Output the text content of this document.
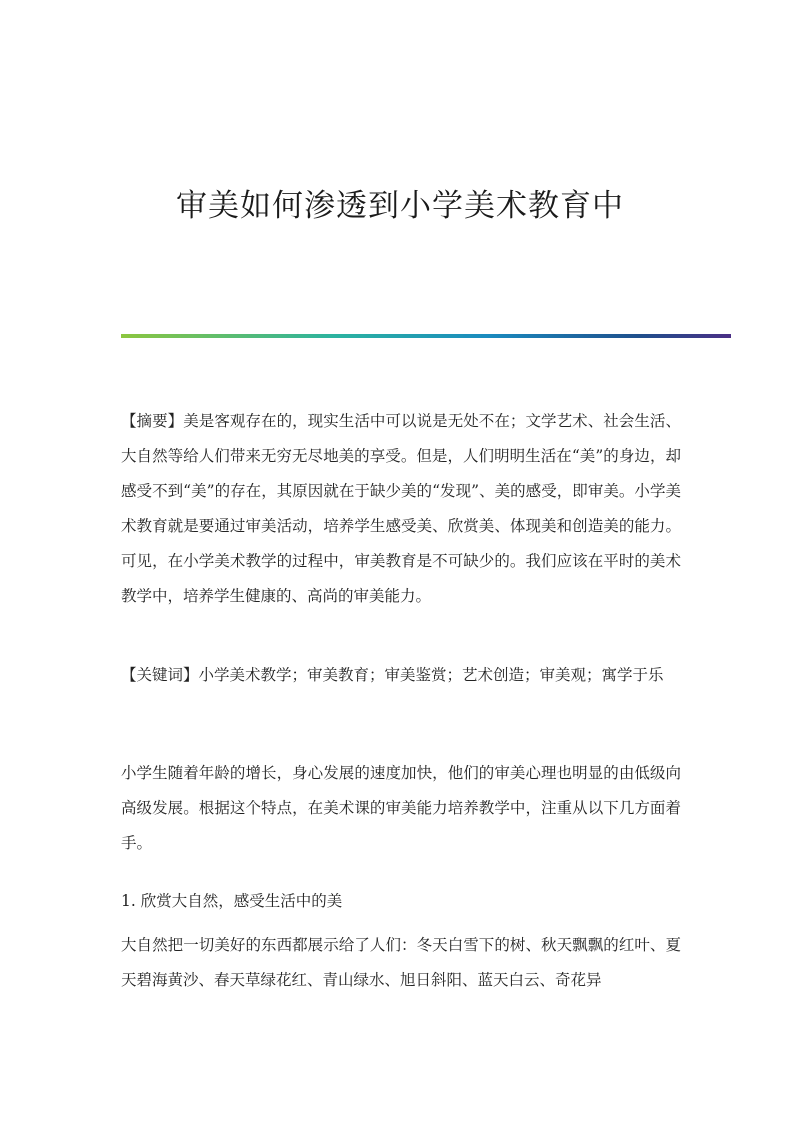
审美如何渗透到小学美术教育中

【摘要】美是客观存在的，现实生活中可以说是无处不在；文学艺术、社会生活、大自然等给人们带来无穷无尽地美的享受。但是，人们明明生活在“美”的身边，却感受不到“美”的存在，其原因就在于缺少美的“发现”、美的感受，即审美。小学美术教育就是要通过审美活动，培养学生感受美、欣赏美、体现美和创造美的能力。可见，在小学美术教学的过程中，审美教育是不可缺少的。我们应该在平时的美术教学中，培养学生健康的、高尚的审美能力。

【关键词】小学美术教学；审美教育；审美鉴赏；艺术创造；审美观；寓学于乐

小学生随着年龄的增长，身心发展的速度加快，他们的审美心理也明显的由低级向高级发展。根据这个特点，在美术课的审美能力培养教学中，注重从以下几方面着手。

1. 欣赏大自然，感受生活中的美

大自然把一切美好的东西都展示给了人们：冬天白雪下的树、秋天飘飘的红叶、夏天碧海黄沙、春天草绿花红、青山绿水、旭日斜阳、蓝天白云、奇花异
